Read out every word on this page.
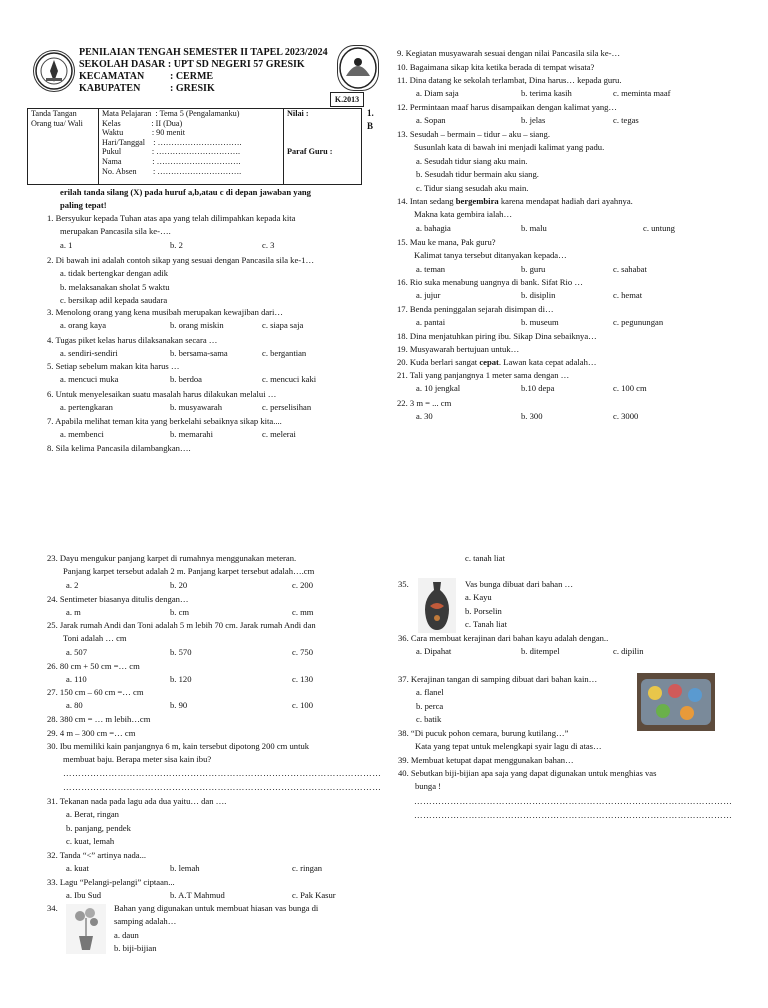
PENILAIAN TENGAH SEMESTER II TAPEL 2023/2024
SEKOLAH DASAR : UPT SD NEGERI 57 GRESIK
KECAMATAN	: CERME
KABUPATEN	: GRESIK
K.2013
1.
B
Tanda Tangan
Orang tua/ Wali

Mata Pelajaran  : Tema 5 (Pengalamanku)
Kelas               : II (Dua)
Waktu              : 90 menit
Hari/Tanggal    : ………………………….
Pukul               : ………………………….
Nama               : ………………………….
No. Absen        : ………………………….

Nilai :
Paraf Guru :
erilah tanda silang (X) pada huruf a,b,atau c di depan jawaban yang
paling tepat!
1. Bersyukur kepada Tuhan atas apa yang telah dilimpahkan kepada kita
merupakan Pancasila sila ke-….
a. 1	b. 2	c. 3
2. Di bawah ini adalah contoh sikap yang sesuai dengan Pancasila sila ke-1…
a. tidak bertengkar dengan adik
b. melaksanakan sholat 5 waktu
c. bersikap adil kepada saudara
3. Menolong orang yang kena musibah merupakan kewajiban dari…
a. orang kaya	b. orang miskin	c. siapa saja
4. Tugas piket kelas harus dilaksanakan secara …
a. sendiri-sendiri	b. bersama-sama	c. bergantian
5. Setiap sebelum makan kita harus …
a. mencuci muka	b. berdoa	c. mencuci kaki
6. Untuk menyelesaikan suatu masalah harus dilakukan melalui …
a. pertengkaran	b. musyawarah	c. perselisihan
7. Apabila melihat teman kita yang berkelahi sebaiknya sikap kita....
a. membenci	b. memarahi	c. melerai
8. Sila kelima Pancasila dilambangkan….
9. Kegiatan musyawarah sesuai dengan nilai Pancasila sila ke-…
10. Bagaimana sikap kita ketika berada di tempat wisata?
11. Dina datang ke sekolah terlambat, Dina harus… kepada guru.
a. Diam saja	b. terima kasih	c. meminta maaf
12. Permintaan maaf harus disampaikan dengan kalimat yang…
a. Sopan	b. jelas	c. tegas
13. Sesudah – bermain – tidur – aku – siang.
Susunlah kata di bawah ini menjadi kalimat yang padu.
a. Sesudah tidur siang aku main.
b. Sesudah tidur bermain aku siang.
c. Tidur siang sesudah aku main.
14. Intan sedang bergembira karena mendapat hadiah dari ayahnya.
Makna kata gembira ialah…
a. bahagia	b. malu	c. untung
15. Mau ke mana, Pak guru?
Kalimat tanya tersebut ditanyakan kepada…
a. teman	b. guru	c. sahabat
16. Rio suka menabung uangnya di bank. Sifat Rio …
a. jujur	b. disiplin	c. hemat
17. Benda peninggalan sejarah disimpan di…
a. pantai	b. museum	c. pegunungan
18. Dina menjatuhkan piring ibu. Sikap Dina sebaiknya…
19. Musyawarah bertujuan untuk…
20. Kuda berlari sangat cepat. Lawan kata cepat adalah…
21. Tali yang panjangnya 1 meter sama dengan …
a. 10 jengkal	b.10 depa	c. 100 cm
22. 3 m = ... cm
a. 30	b. 300	c. 3000
23. Dayu mengukur panjang karpet di rumahnya menggunakan meteran.
Panjang karpet tersebut adalah 2 m. Panjang karpet tersebut adalah….cm
a. 2	b. 20	c. 200
24. Sentimeter biasanya ditulis dengan…
a. m	b. cm	c. mm
25. Jarak rumah Andi dan Toni adalah 5 m lebih 70 cm. Jarak rumah Andi dan
Toni adalah … cm
a. 507	b. 570	c. 750
26. 80 cm + 50 cm =… cm
a. 110	b. 120	c. 130
27. 150 cm – 60 cm =… cm
a. 80	b. 90	c. 100
28. 380 cm = … m lebih…cm
29. 4 m – 300 cm =… cm
30. Ibu memiliki kain panjangnya 6 m, kain tersebut dipotong 200 cm untuk
membuat baju. Berapa meter sisa kain ibu?
31. Tekanan nada pada lagu ada dua yaitu… dan ….
a. Berat, ringan
b. panjang, pendek
c. kuat, lemah
32. Tanda “<” artinya nada...
a. kuat	b. lemah	c. ringan
33. Lagu “Pelangi-pelangi” ciptaan...
a. Ibu Sud	b. A.T Mahmud	c. Pak Kasur
34.	Bahan yang digunakan untuk membuat hiasan vas bunga di
samping adalah…
a. daun
b. biji-bijian
……………………………………………………………………………………………
……………………………………………………………………………………………
c. tanah liat
35.	Vas bunga dibuat dari bahan …
a. Kayu
b. Porselin
c. Tanah liat
36. Cara membuat kerajinan dari bahan kayu adalah dengan..
a. Dipahat	b. ditempel	c. dipilin
37. Kerajinan tangan di samping dibuat dari bahan kain…
a. flanel
b. perca
c. batik
38. “Di pucuk pohon cemara, burung kutilang…”
Kata yang tepat untuk melengkapi syair lagu di atas…
39. Membuat ketupat dapat menggunakan bahan…
40. Sebutkan biji-bijian apa saja yang dapat digunakan untuk menghias vas
bunga !
……………………………………………………………………………………………
……………………………………………………………………………………………
